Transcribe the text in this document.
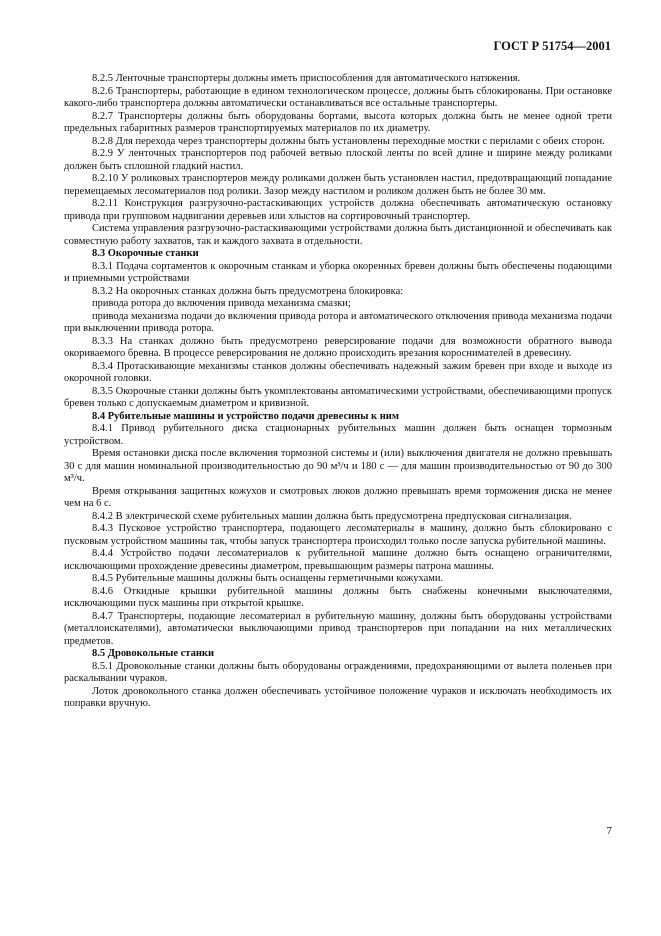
ГОСТ Р 51754—2001

8.2.5 Ленточные транспортеры должны иметь приспособления для автоматического натяжения.

8.2.6 Транспортеры, работающие в едином технологическом процессе, должны быть сблокированы. При остановке какого-либо транспортера должны автоматически останавливаться все остальные транспортеры.

8.2.7 Транспортеры должны быть оборудованы бортами, высота которых должна быть не менее одной трети предельных габаритных размеров транспортируемых материалов по их диаметру.

8.2.8 Для перехода через транспортеры должны быть установлены переходные мостки с перилами с обеих сторон.

8.2.9 У ленточных транспортеров под рабочей ветвью плоской ленты по всей длине и ширине между роликами должен быть сплошной гладкий настил.

8.2.10 У роликовых транспортеров между роликами должен быть установлен настил, предотвращающий попадание перемещаемых лесоматериалов под ролики. Зазор между настилом и роликом должен быть не более 30 мм.

8.2.11 Конструкция разгрузочно-растаскивающих устройств должна обеспечивать автоматическую остановку привода при групповом надвигании деревьев или хлыстов на сортировочный транспортер.

Система управления разгрузочно-растаскивающими устройствами должна быть дистанционной и обеспечивать как совместную работу захватов, так и каждого захвата в отдельности.

8.3 Окорочные станки

8.3.1 Подача сортаментов к окорочным станкам и уборка окоренных бревен должны быть обеспечены подающими и приемными устройствами

8.3.2 На окорочных станках должна быть предусмотрена блокировка:

привода ротора до включения привода механизма смазки;

привода механизма подачи до включения привода ротора и автоматического отключения привода механизма подачи при выключении привода ротора.

8.3.3 На станках должно быть предусмотрено реверсирование подачи для возможности обратного вывода окориваемого бревна. В процессе реверсирования не должно происходить врезания короснимателей в древесину.

8.3.4 Протаскивающие механизмы станков должны обеспечивать надежный зажим бревен при входе и выходе из окорочной головки.

8.3.5 Окорочные станки должны быть укомплектованы автоматическими устройствами, обеспечивающими пропуск бревен только с допускаемым диаметром и кривизной.

8.4 Рубительные машины и устройство подачи древесины к ним

8.4.1 Привод рубительного диска стационарных рубительных машин должен быть оснащен тормозным устройством.

Время остановки диска после включения тормозной системы и (или) выключения двигателя не должно превышать 30 с для машин номинальной производительностью до 90 м³/ч и 180 с — для машин производительностью от 90 до 300 м³/ч.

Время открывания защитных кожухов и смотровых люков должно превышать время торможения диска не менее чем на 6 с.

8.4.2 В электрической схеме рубительных машин должна быть предусмотрена предпусковая сигнализация.

8.4.3 Пусковое устройство транспортера, подающего лесоматериалы в машину, должно быть сблокировано с пусковым устройством машины так, чтобы запуск транспортера происходил только после запуска рубительной машины.

8.4.4 Устройство подачи лесоматериалов к рубительной машине должно быть оснащено ограничителями, исключающими прохождение древесины диаметром, превышающим размеры патрона машины.

8.4.5 Рубительные машины должны быть оснащены герметичными кожухами.

8.4.6 Откидные крышки рубительной машины должны быть снабжены конечными выключателями, исключающими пуск машины при открытой крышке.

8.4.7 Транспортеры, подающие лесоматериал в рубительную машину, должны быть оборудованы устройствами (металлоискателями), автоматически выключающими привод транспортеров при попадании на них металлических предметов.

8.5 Дровокольные станки

8.5.1 Дровокольные станки должны быть оборудованы ограждениями, предохраняющими от вылета поленьев при раскалывании чураков.

Лоток дровокольного станка должен обеспечивать устойчивое положение чураков и исключать необходимость их поправки вручную.

7
